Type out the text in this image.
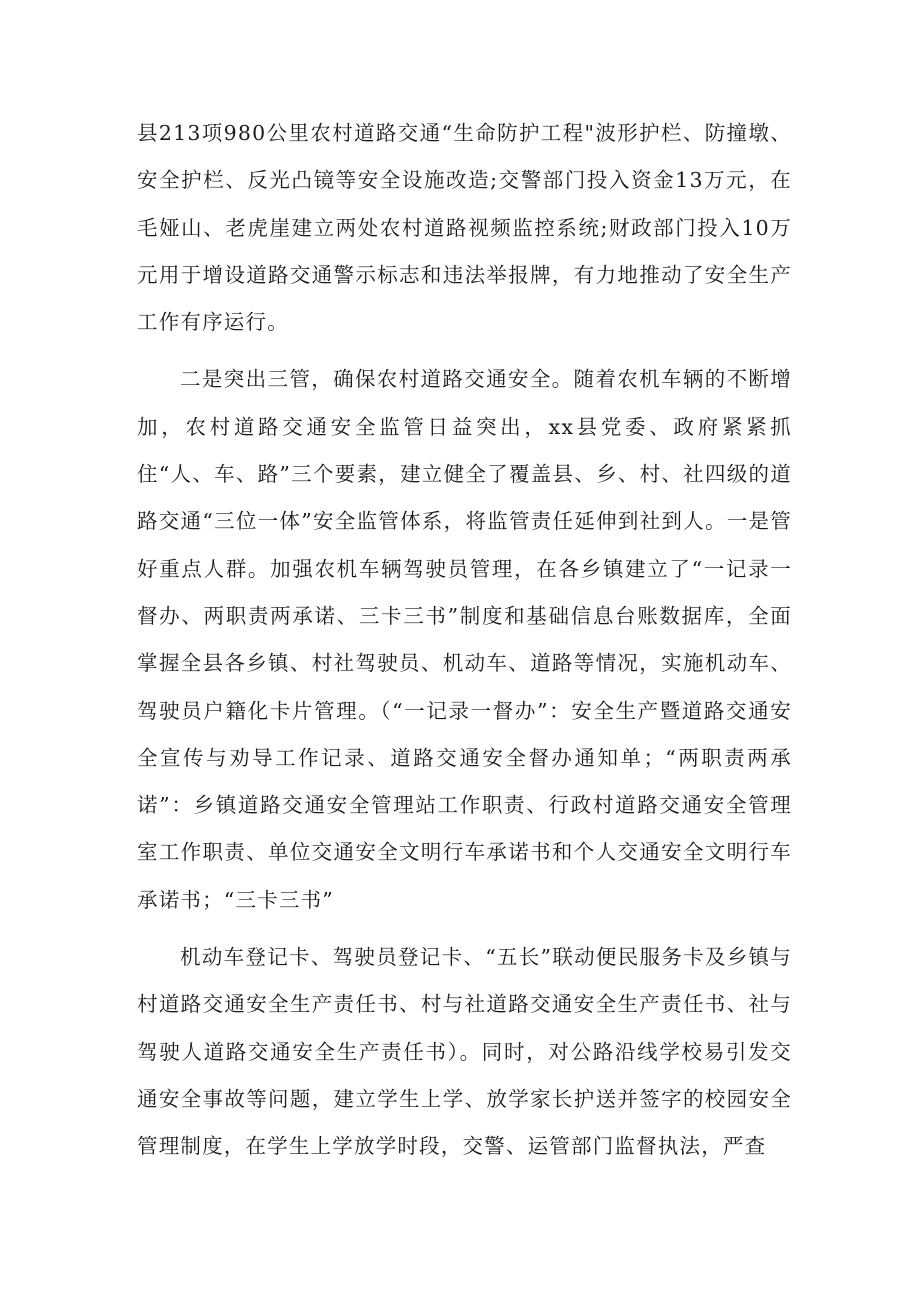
县213项980公里农村道路交通“生命防护工程"波形护栏、防撞墩、安全护栏、反光凸镜等安全设施改造;交警部门投入资金13万元，在毛娅山、老虎崖建立两处农村道路视频监控系统;财政部门投入10万元用于增设道路交通警示标志和违法举报牌，有力地推动了安全生产工作有序运行。

二是突出三管，确保农村道路交通安全。随着农机车辆的不断增加，农村道路交通安全监管日益突出，xx县党委、政府紧紧抓住“人、车、路”三个要素，建立健全了覆盖县、乡、村、社四级的道路交通“三位一体”安全监管体系，将监管责任延伸到社到人。一是管好重点人群。加强农机车辆驾驶员管理，在各乡镇建立了“一记录一督办、两职责两承诺、三卡三书”制度和基础信息台账数据库，全面掌握全县各乡镇、村社驾驶员、机动车、道路等情况，实施机动车、驾驶员户籍化卡片管理。（“一记录一督办”：安全生产暨道路交通安全宣传与劝导工作记录、道路交通安全督办通知单；“两职责两承诺”：乡镇道路交通安全管理站工作职责、行政村道路交通安全管理室工作职责、单位交通安全文明行车承诺书和个人交通安全文明行车承诺书；“三卡三书”

机动车登记卡、驾驶员登记卡、“五长”联动便民服务卡及乡镇与村道路交通安全生产责任书、村与社道路交通安全生产责任书、社与驾驶人道路交通安全生产责任书）。同时，对公路沿线学校易引发交通安全事故等问题，建立学生上学、放学家长护送并签字的校园安全管理制度，在学生上学放学时段，交警、运管部门监督执法，严查
